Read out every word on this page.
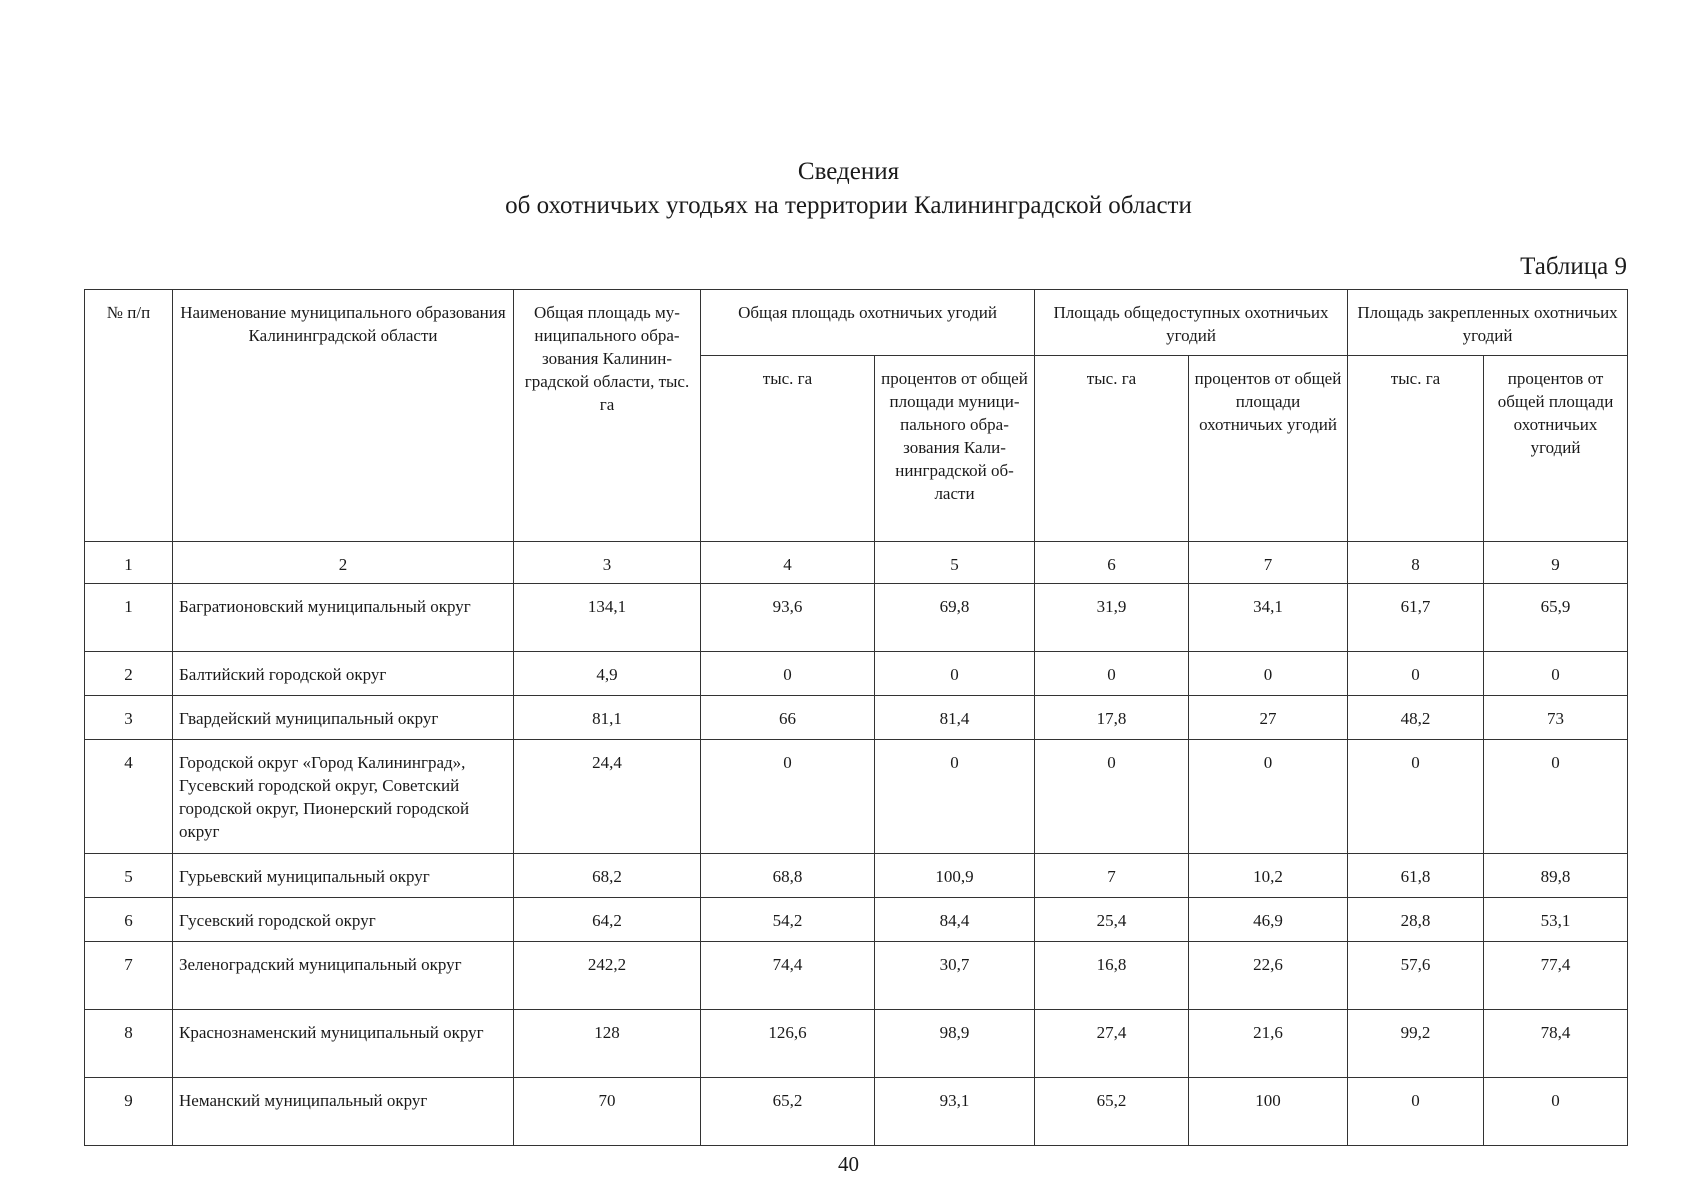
Сведения
об охотничьих угодьях на территории Калининградской области
Таблица 9
№ п/п	Наименование муниципального образования Калининградской области	Общая площадь муниципального образования Калининградской области, тыс. га	Общая площадь охотничьих угодий		Площадь общедоступных охотничьих угодий		Площадь закрепленных охотничьих угодий	
			тыс. га	процентов от общей площади муниципального образования Калининградской области	тыс. га	процентов от общей площади охотничьих угодий	тыс. га	процентов от общей площади охотничьих угодий
1	2	3	4	5	6	7	8	9
1	Багратионовский муниципальный округ	134,1	93,6	69,8	31,9	34,1	61,7	65,9
2	Балтийский городской округ	4,9	0	0	0	0	0	0
3	Гвардейский муниципальный округ	81,1	66	81,4	17,8	27	48,2	73
4	Городской округ «Город Калининград», Гусевский городской округ, Советский городской округ, Пионерский городской округ	24,4	0	0	0	0	0	0
5	Гурьевский муниципальный округ	68,2	68,8	100,9	7	10,2	61,8	89,8
6	Гусевский городской округ	64,2	54,2	84,4	25,4	46,9	28,8	53,1
7	Зеленоградский муниципальный округ	242,2	74,4	30,7	16,8	22,6	57,6	77,4
8	Краснознаменский муниципальный округ	128	126,6	98,9	27,4	21,6	99,2	78,4
9	Неманский муниципальный округ	70	65,2	93,1	65,2	100	0	0
40
